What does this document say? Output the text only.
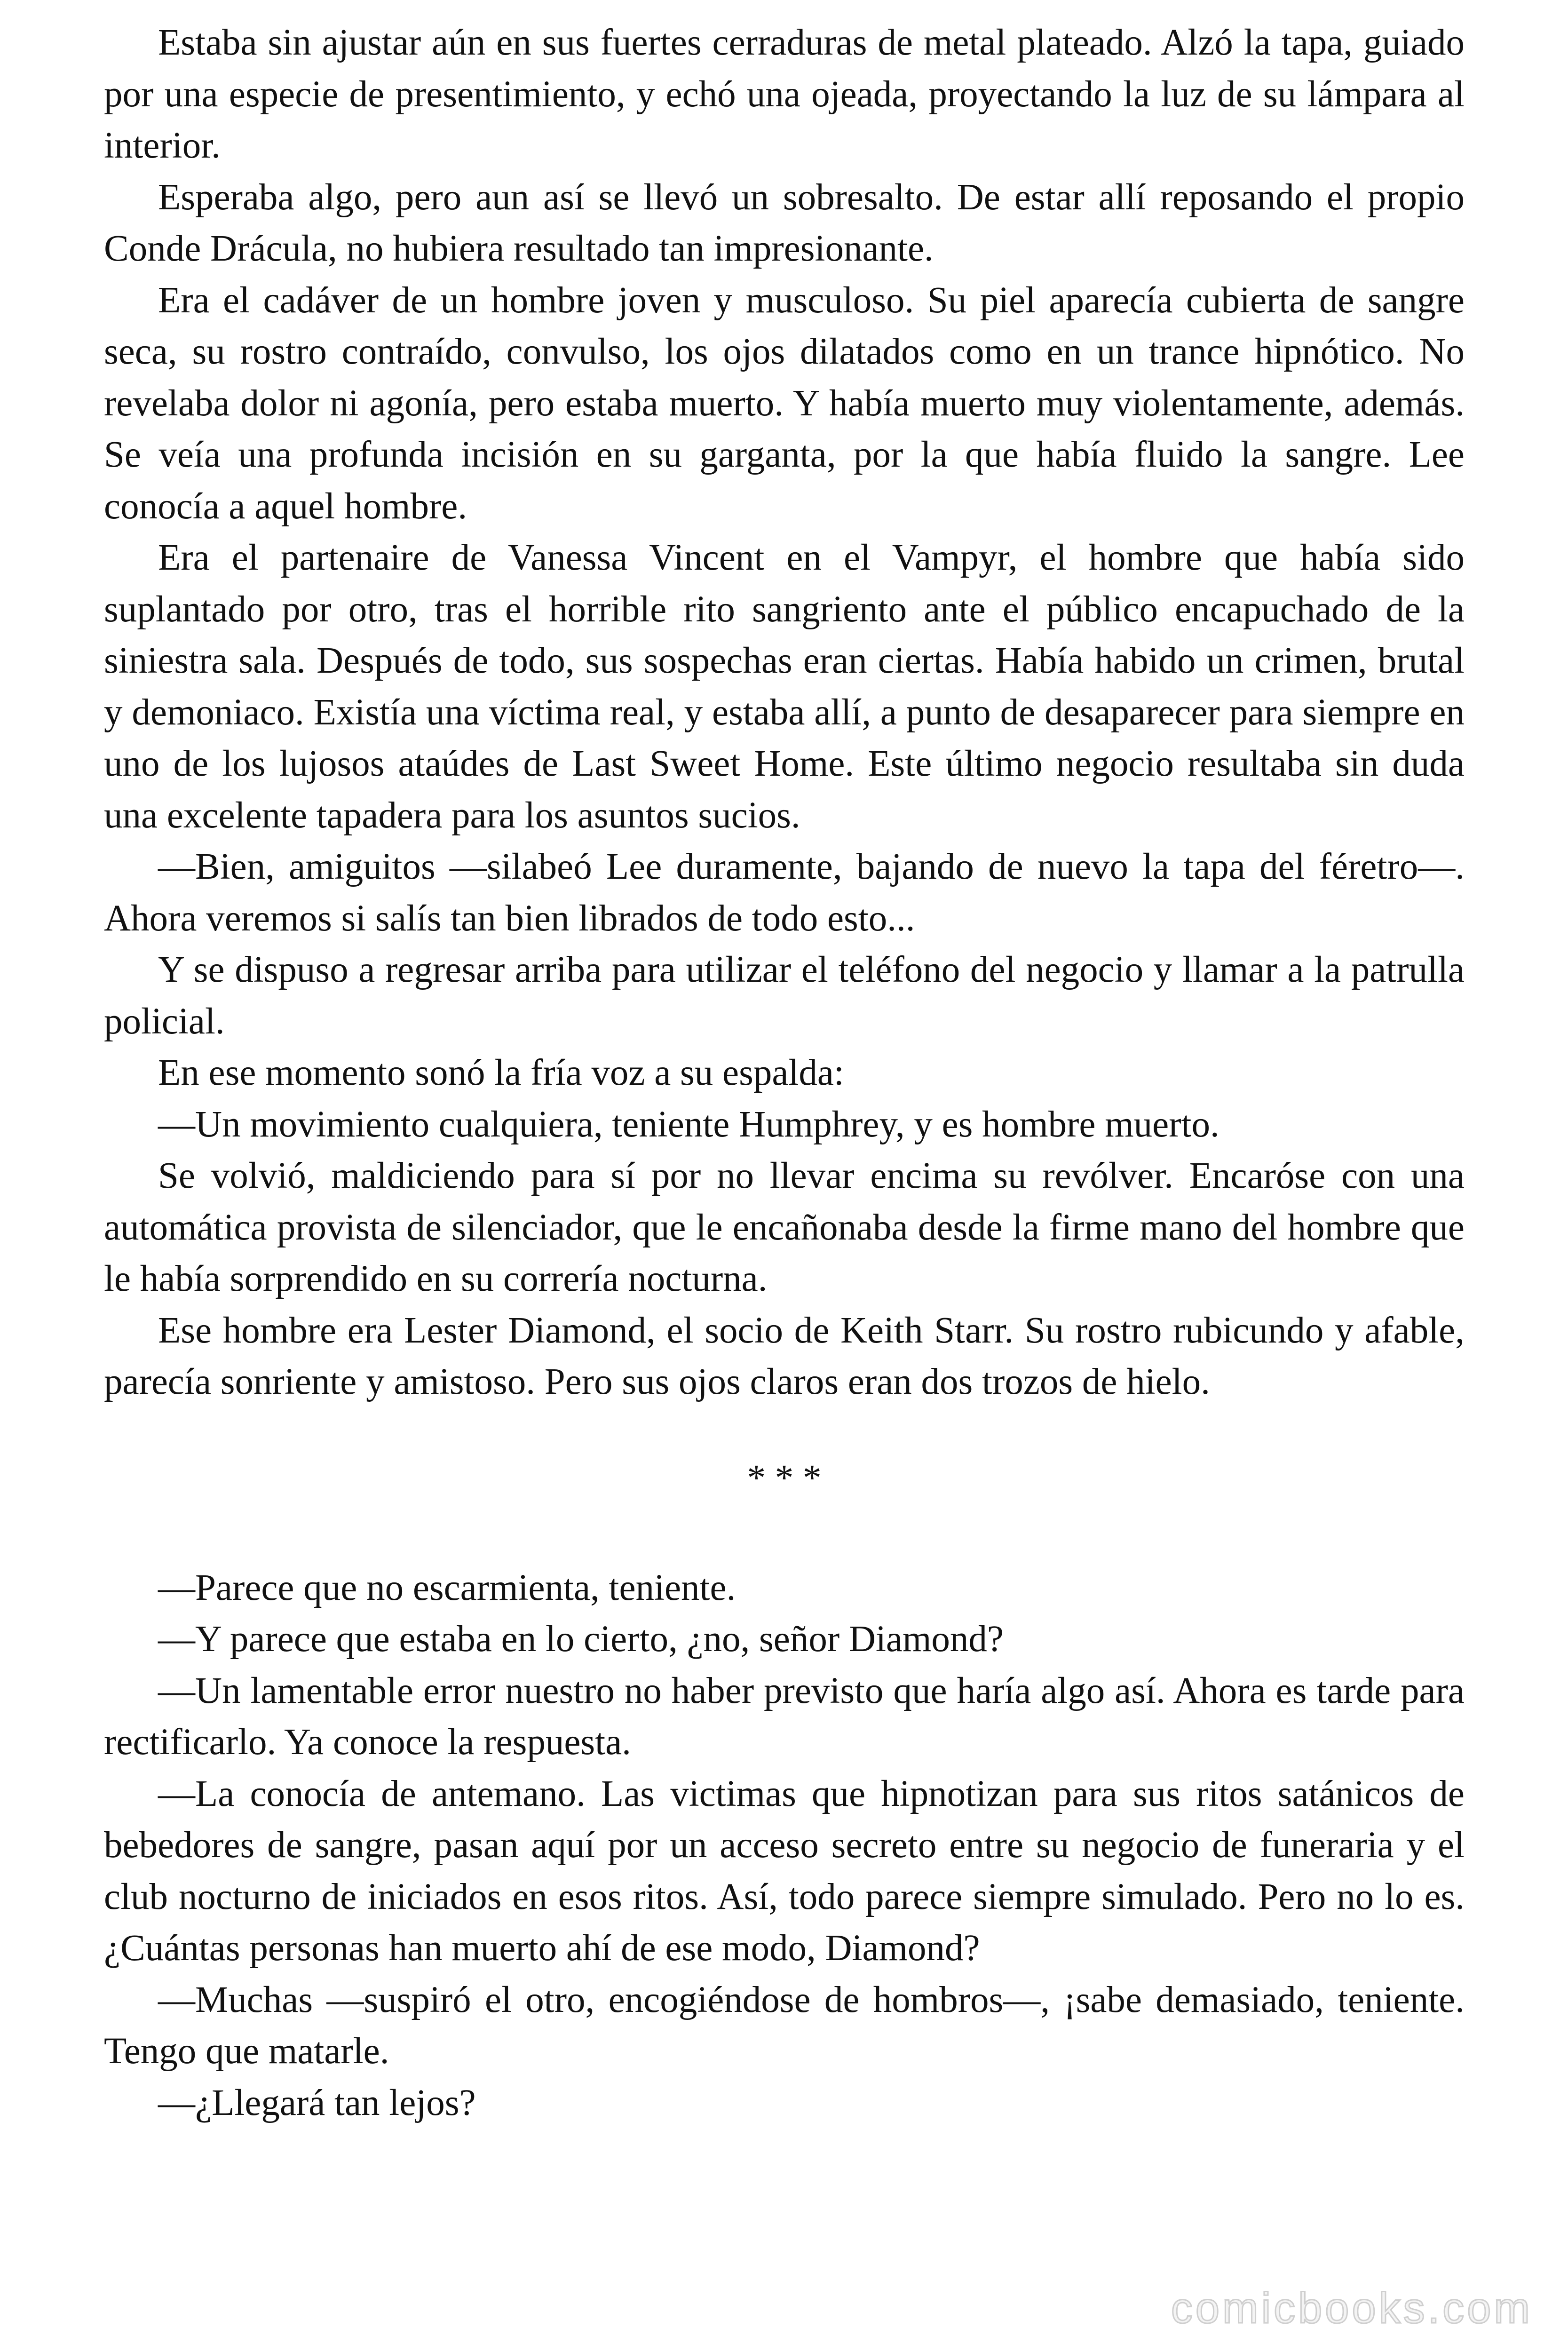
Estaba sin ajustar aún en sus fuertes cerraduras de metal plateado. Alzó la tapa, guiado por una especie de presentimiento, y echó una ojeada, proyectando la luz de su lámpara al interior.

Esperaba algo, pero aun así se llevó un sobresalto. De estar allí reposando el propio Conde Drácula, no hubiera resultado tan impresionante.

Era el cadáver de un hombre joven y musculoso. Su piel aparecía cubierta de sangre seca, su rostro contraído, convulso, los ojos dilatados como en un trance hipnótico. No revelaba dolor ni agonía, pero estaba muerto. Y había muerto muy violentamente, además. Se veía una profunda incisión en su garganta, por la que había fluido la sangre. Lee conocía a aquel hombre.

Era el partenaire de Vanessa Vincent en el Vampyr, el hombre que había sido suplantado por otro, tras el horrible rito sangriento ante el público encapuchado de la siniestra sala. Después de todo, sus sospechas eran ciertas. Había habido un crimen, brutal y demoniaco. Existía una víctima real, y estaba allí, a punto de desaparecer para siempre en uno de los lujosos ataúdes de Last Sweet Home. Este último negocio resultaba sin duda una excelente tapadera para los asuntos sucios.

—Bien, amiguitos —silabeó Lee duramente, bajando de nuevo la tapa del féretro—. Ahora veremos si salís tan bien librados de todo esto...

Y se dispuso a regresar arriba para utilizar el teléfono del negocio y llamar a la patrulla policial.

En ese momento sonó la fría voz a su espalda:

—Un movimiento cualquiera, teniente Humphrey, y es hombre muerto.

Se volvió, maldiciendo para sí por no llevar encima su revólver. Encaróse con una automática provista de silenciador, que le encañonaba desde la firme mano del hombre que le había sorprendido en su correría nocturna.

Ese hombre era Lester Diamond, el socio de Keith Starr. Su rostro rubicundo y afable, parecía sonriente y amistoso. Pero sus ojos claros eran dos trozos de hielo.

* * *

—Parece que no escarmienta, teniente.

—Y parece que estaba en lo cierto, ¿no, señor Diamond?

—Un lamentable error nuestro no haber previsto que haría algo así. Ahora es tarde para rectificarlo. Ya conoce la respuesta.

—La conocía de antemano. Las victimas que hipnotizan para sus ritos satánicos de bebedores de sangre, pasan aquí por un acceso secreto entre su negocio de funeraria y el club nocturno de iniciados en esos ritos. Así, todo parece siempre simulado. Pero no lo es. ¿Cuántas personas han muerto ahí de ese modo, Diamond?

—Muchas —suspiró el otro, encogiéndose de hombros—, ¡sabe demasiado, teniente. Tengo que matarle.

—¿Llegará tan lejos?

comicbooks.com
